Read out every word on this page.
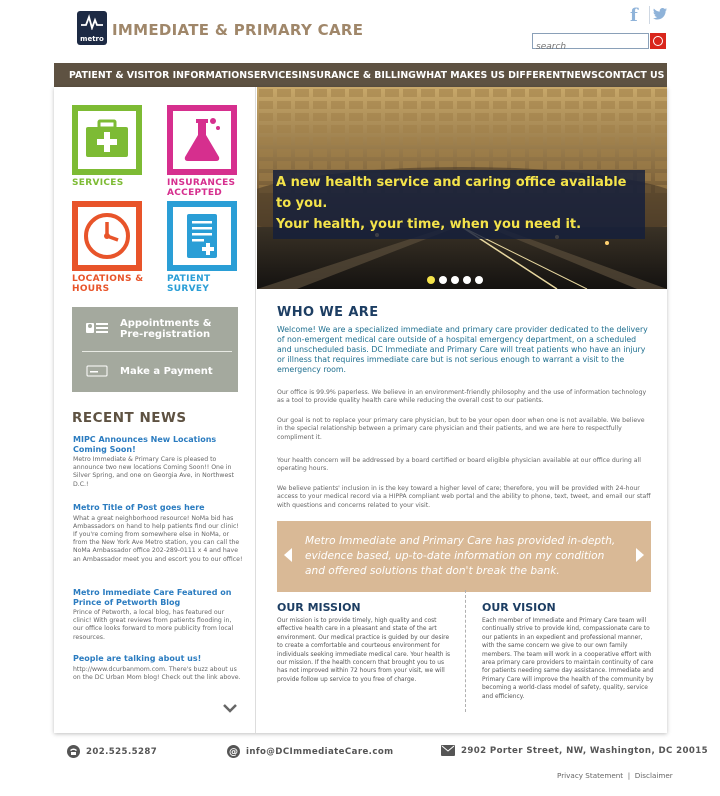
metro IMMEDIATE & PRIMARY CARE
f
search
PATIENT & VISITOR INFORMATION SERVICES INSURANCE & BILLING WHAT MAKES US DIFFERENT NEWS CONTACT US
SERVICES	INSURANCES
ACCEPTED
LOCATIONS &
HOURS
PATIENT
SURVEY
Appointments &
Pre-registration
Make a Payment
RECENT NEWS
MIPC Announces New Locations Coming Soon!

Metro Immediate & Primary Care is pleased to announce two new locations Coming Soon!! One in Silver Spring, and one on Georgia Ave, in Northwest D.C.!

Metro Title of Post goes here

What a great neighborhood resource! NoMa bid has Ambassadors on hand to help patients find our clinic! If you're coming from somewhere else in NoMa, or from the New York Ave Metro station, you can call the NoMa Ambassador office 202-289-0111 x 4 and have an Ambassador meet you and escort you to our office!

Metro Immediate Care Featured on Prince of Petworth Blog

Prince of Petworth, a local blog, has featured our clinic! With great reviews from patients flooding in, our office looks forward to more publicity from local resources.

People are talking about us!

http://www.dcurbanmom.com. There's buzz about us on the DC Urban Mom blog! Check out the link above.

A new health service and caring office available to you.
Your health, your time, when you need it.
WHO WE ARE
Welcome! We are a specialized immediate and primary care provider dedicated to the delivery of non-emergent medical care outside of a hospital emergency department, on a scheduled and unscheduled basis. DC Immediate and Primary Care will treat patients who have an injury or illness that requires immediate care but is not serious enough to warrant a visit to the emergency room.
Our office is 99.9% paperless. We believe in an environment-friendly philosophy and the use of information technology as a tool to provide quality health care while reducing the overall cost to our patients.
Our goal is not to replace your primary care physician, but to be your open door when one is not available. We believe in the special relationship between a primary care physician and their patients, and we are here to respectfully compliment it.
Your health concern will be addressed by a board certified or board eligible physician available at our office during all operating hours.
We believe patients' inclusion in is the key toward a higher level of care; therefore, you will be provided with 24-hour access to your medical record via a HIPPA compliant web portal and the ability to phone, text, tweet, and email our staff with questions and concerns related to your visit.
Metro Immediate and Primary Care has provided in-depth, evidence based, up-to-date information on my condition and offered solutions that don't break the bank.
OUR MISSION
Our mission is to provide timely, high quality and cost effective health care in a pleasant and state of the art environment. Our medical practice is guided by our desire to create a comfortable and courteous environment for individuals seeking immediate medical care. Your health is our mission. If the health concern that brought you to us has not improved within 72 hours from your visit, we will provide follow up service to you free of charge.
OUR VISION
Each member of Immediate and Primary Care team will continually strive to provide kind, compassionate care to our patients in an expedient and professional manner, with the same concern we give to our own family members. The team will work in a cooperative effort with area primary care providers to maintain continuity of care for patients needing same day assistance. Immediate and Primary Care will improve the health of the community by becoming a world-class model of safety, quality, service and efficiency.
202.525.5287	@ info@DCImmediateCare.com	2902 Porter Street, NW, Washington, DC 20015
Privacy Statement | Disclaimer
